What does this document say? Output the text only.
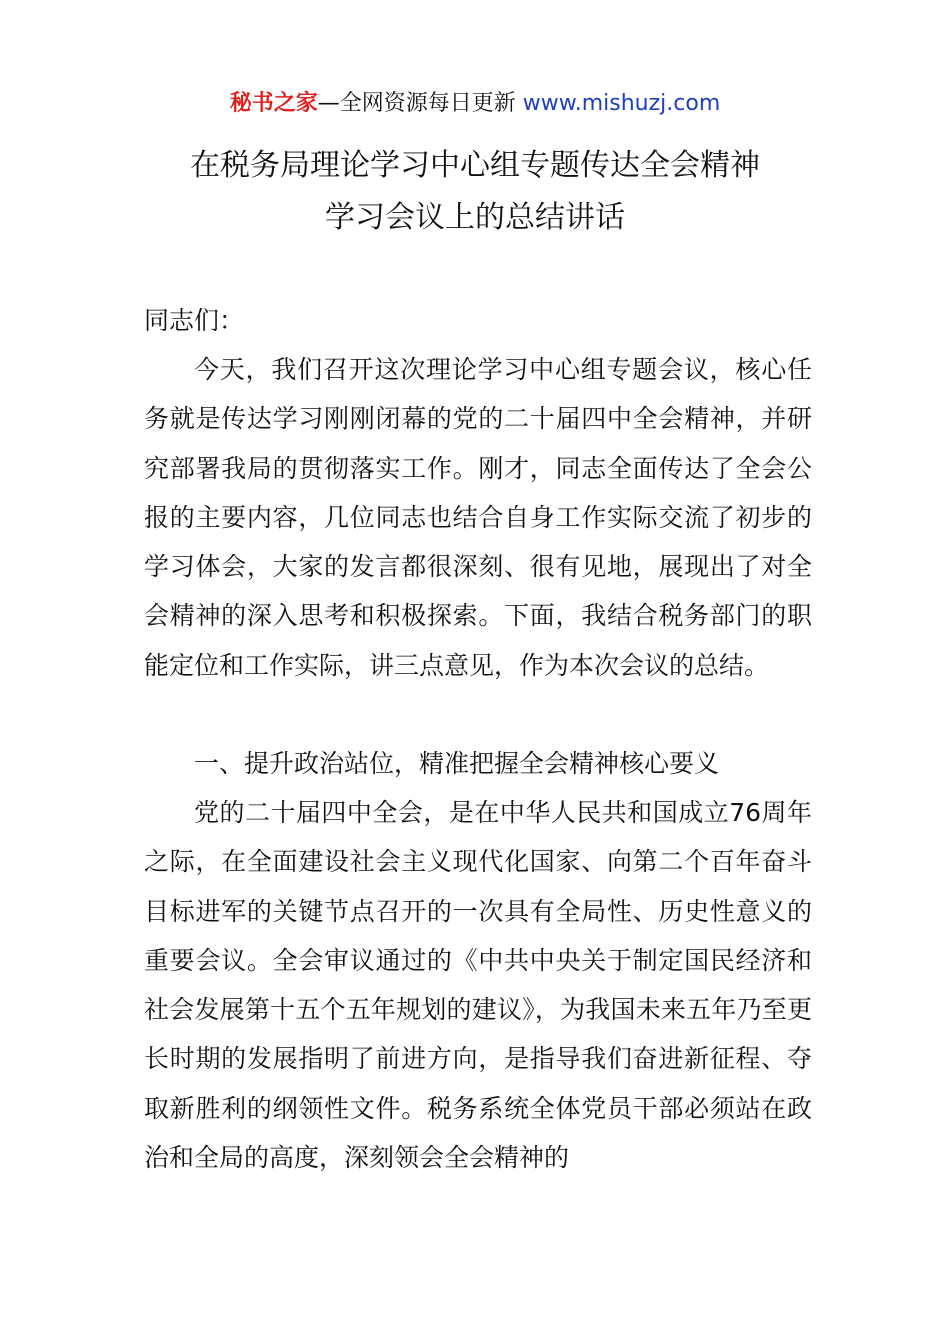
秘书之家—全网资源每日更新 www.mishuzj.com
在税务局理论学习中心组专题传达全会精神
学习会议上的总结讲话
同志们：

今天，我们召开这次理论学习中心组专题会议，核心任务就是传达学习刚刚闭幕的党的二十届四中全会精神，并研究部署我局的贯彻落实工作。刚才，同志全面传达了全会公报的主要内容，几位同志也结合自身工作实际交流了初步的学习体会，大家的发言都很深刻、很有见地，展现出了对全会精神的深入思考和积极探索。下面，我结合税务部门的职能定位和工作实际，讲三点意见，作为本次会议的总结。

一、提升政治站位，精准把握全会精神核心要义

党的二十届四中全会，是在中华人民共和国成立76周年之际，在全面建设社会主义现代化国家、向第二个百年奋斗目标进军的关键节点召开的一次具有全局性、历史性意义的重要会议。全会审议通过的《中共中央关于制定国民经济和社会发展第十五个五年规划的建议》，为我国未来五年乃至更长时期的发展指明了前进方向，是指导我们奋进新征程、夺取新胜利的纲领性文件。税务系统全体党员干部必须站在政治和全局的高度，深刻领会全会精神的
